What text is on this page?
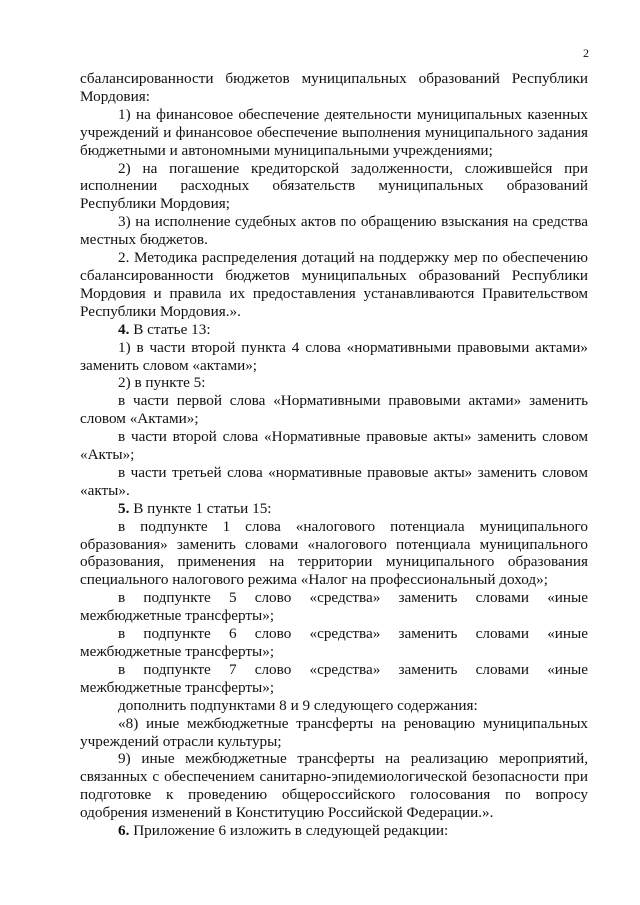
2

сбалансированности бюджетов муниципальных образований Республики Мордовия:

1) на финансовое обеспечение деятельности муниципальных казенных учреждений и финансовое обеспечение выполнения муниципального задания бюджетными и автономными муниципальными учреждениями;

2) на погашение кредиторской задолженности, сложившейся при исполнении расходных обязательств муниципальных образований Республики Мордовия;

3) на исполнение судебных актов по обращению взыскания на средства местных бюджетов.

2. Методика распределения дотаций на поддержку мер по обеспечению сбалансированности бюджетов муниципальных образований Республики Мордовия и правила их предоставления устанавливаются Правительством Республики Мордовия.».

4. В статье 13:

1) в части второй пункта 4 слова «нормативными правовыми актами» заменить словом «актами»;

2) в пункте 5:

в части первой слова «Нормативными правовыми актами» заменить словом «Актами»;

в части второй слова «Нормативные правовые акты» заменить словом «Акты»;

в части третьей слова «нормативные правовые акты» заменить словом «акты».

5. В пункте 1 статьи 15:

в подпункте 1 слова «налогового потенциала муниципального образования» заменить словами «налогового потенциала муниципального образования, применения на территории муниципального образования специального налогового режима «Налог на профессиональный доход»;

в подпункте 5 слово «средства» заменить словами «иные межбюджетные трансферты»;

в подпункте 6 слово «средства» заменить словами «иные межбюджетные трансферты»;

в подпункте 7 слово «средства» заменить словами «иные межбюджетные трансферты»;

дополнить подпунктами 8 и 9 следующего содержания:

«8) иные межбюджетные трансферты на реновацию муниципальных учреждений отрасли культуры;

9) иные межбюджетные трансферты на реализацию мероприятий, связанных с обеспечением санитарно-эпидемиологической безопасности при подготовке к проведению общероссийского голосования по вопросу одобрения изменений в Конституцию Российской Федерации.».

6. Приложение 6 изложить в следующей редакции:
